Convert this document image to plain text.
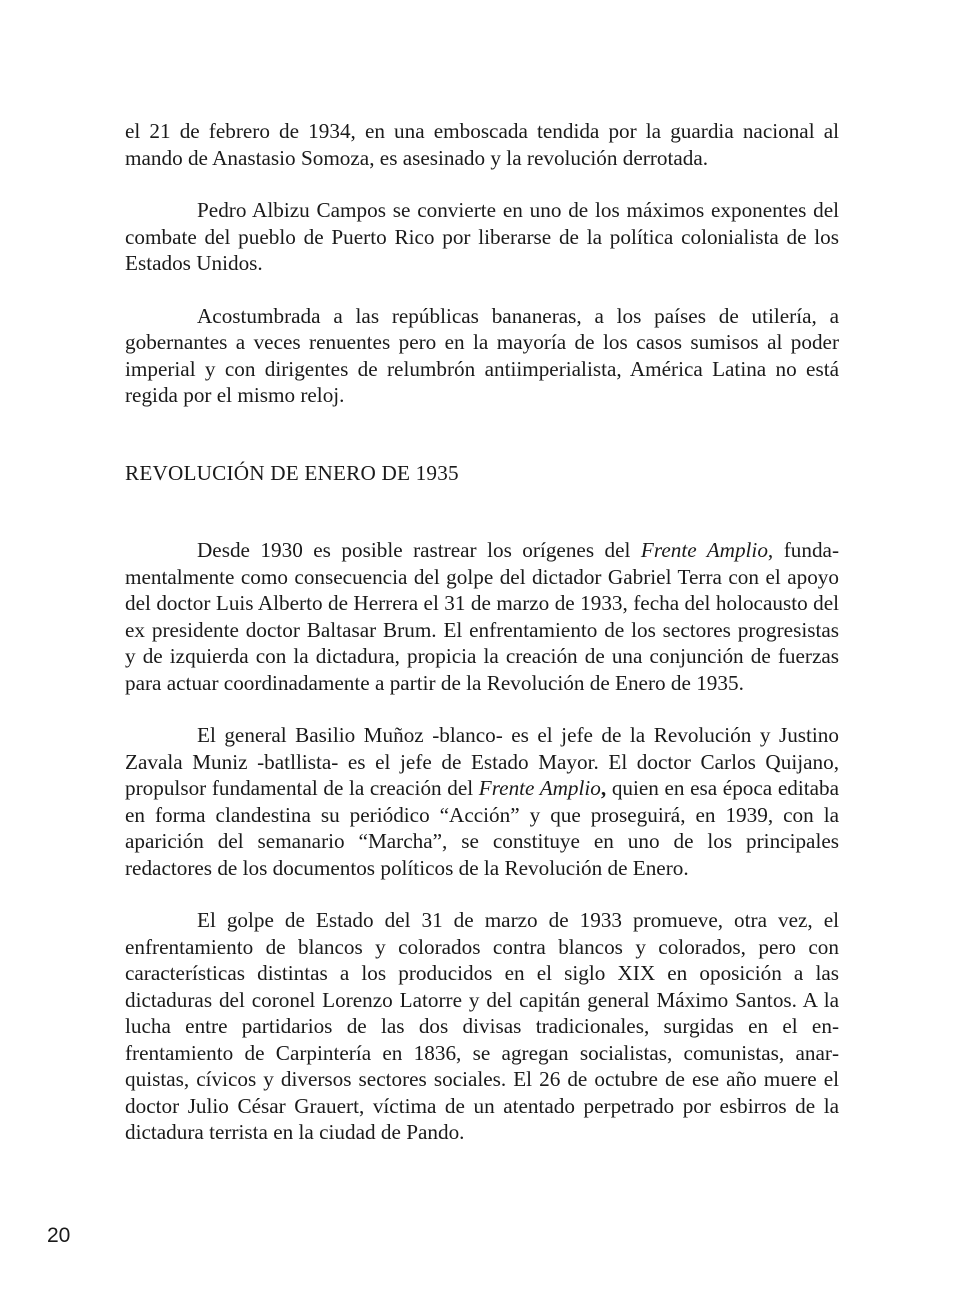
el 21 de febrero de 1934, en una emboscada tendida por la guardia nacional al mando de Anastasio Somoza, es asesinado y la revolución derrotada.

Pedro Albizu Campos se convierte en uno de los máximos exponentes del combate del pueblo de Puerto Rico por liberarse de la política colonialista de los Estados Unidos.

Acostumbrada a las repúblicas bananeras, a los países de utilería, a gobernantes a veces renuentes pero en la mayoría de los casos sumisos al poder imperial y con dirigentes de relumbrón antiimperialista, América Latina no está regida por el mismo reloj.

REVOLUCIÓN DE ENERO DE 1935

Desde 1930 es posible rastrear los orígenes del Frente Amplio, fundamentalmente como consecuencia del golpe del dictador Gabriel Terra con el apoyo del doctor Luis Alberto de Herrera el 31 de marzo de 1933, fecha del holocausto del ex presidente doctor Baltasar Brum. El enfrentamiento de los sectores progresistas y de izquierda con la dictadura, propicia la creación de una conjunción de fuerzas para actuar coordinadamente a partir de la Revolución de Enero de 1935.

El general Basilio Muñoz -blanco- es el jefe de la Revolución y Justino Zavala Muniz -batllista- es el jefe de Estado Mayor. El doctor Carlos Quijano, propulsor fundamental de la creación del Frente Amplio, quien en esa época editaba en forma clandestina su periódico “Acción” y que proseguirá, en 1939, con la aparición del semanario “Marcha”, se constituye en uno de los principales redactores de los documentos políticos de la Revolución de Enero.

El golpe de Estado del 31 de marzo de 1933 promueve, otra vez, el enfrentamiento de blancos y colorados contra blancos y colorados, pero con características distintas a los producidos en el siglo XIX en oposición a las dictaduras del coronel Lorenzo Latorre y del capitán general Máximo Santos. A la lucha entre partidarios de las dos divisas tradicionales, surgidas en el enfrentamiento de Carpintería en 1836, se agregan socialistas, comunistas, anarquistas, cívicos y diversos sectores sociales. El 26 de octubre de ese año muere el doctor Julio César Grauert, víctima de un atentado perpetrado por esbirros de la dictadura terrista en la ciudad de Pando.

20
